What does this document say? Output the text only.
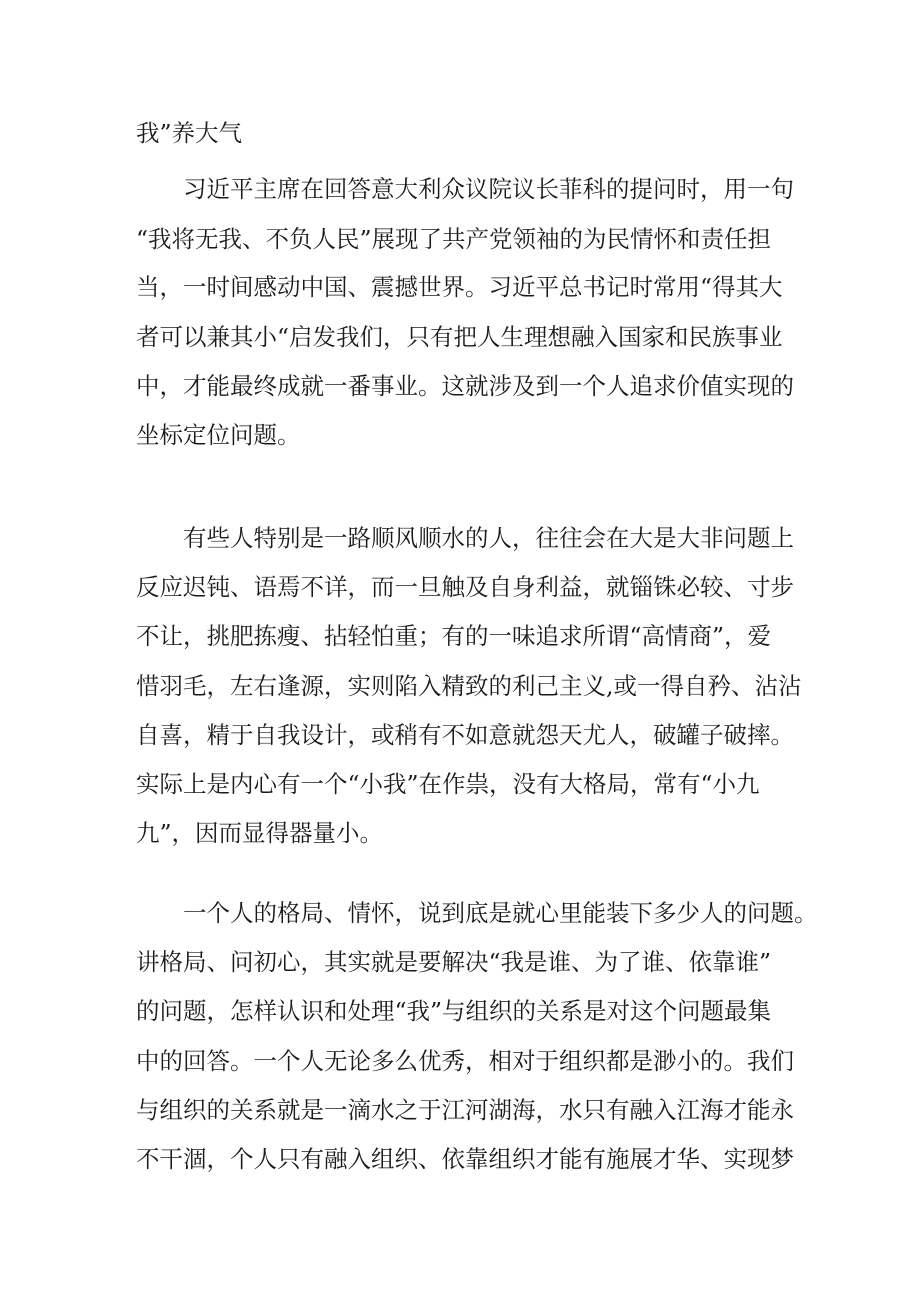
我”养大气
习近平主席在回答意大利众议院议长菲科的提问时，用一句
“我将无我、不负人民”展现了共产党领袖的为民情怀和责任担
当，一时间感动中国、震撼世界。习近平总书记时常用“得其大
者可以兼其小“启发我们，只有把人生理想融入国家和民族事业
中，才能最终成就一番事业。这就涉及到一个人追求价值实现的
坐标定位问题。
有些人特别是一路顺风顺水的人，往往会在大是大非问题上
反应迟钝、语焉不详，而一旦触及自身利益，就锱铢必较、寸步
不让，挑肥拣瘦、拈轻怕重；有的一味追求所谓“高情商”，爱
惜羽毛，左右逢源，实则陷入精致的利己主义,或一得自矜、沾沾
自喜，精于自我设计，或稍有不如意就怨天尤人，破罐子破摔。
实际上是内心有一个“小我”在作祟，没有大格局，常有“小九
九”，因而显得器量小。
一个人的格局、情怀，说到底是就心里能装下多少人的问题。
讲格局、问初心，其实就是要解决“我是谁、为了谁、依靠谁”
的问题，怎样认识和处理“我”与组织的关系是对这个问题最集
中的回答。一个人无论多么优秀，相对于组织都是渺小的。我们
与组织的关系就是一滴水之于江河湖海，水只有融入江海才能永
不干涸，个人只有融入组织、依靠组织才能有施展才华、实现梦
